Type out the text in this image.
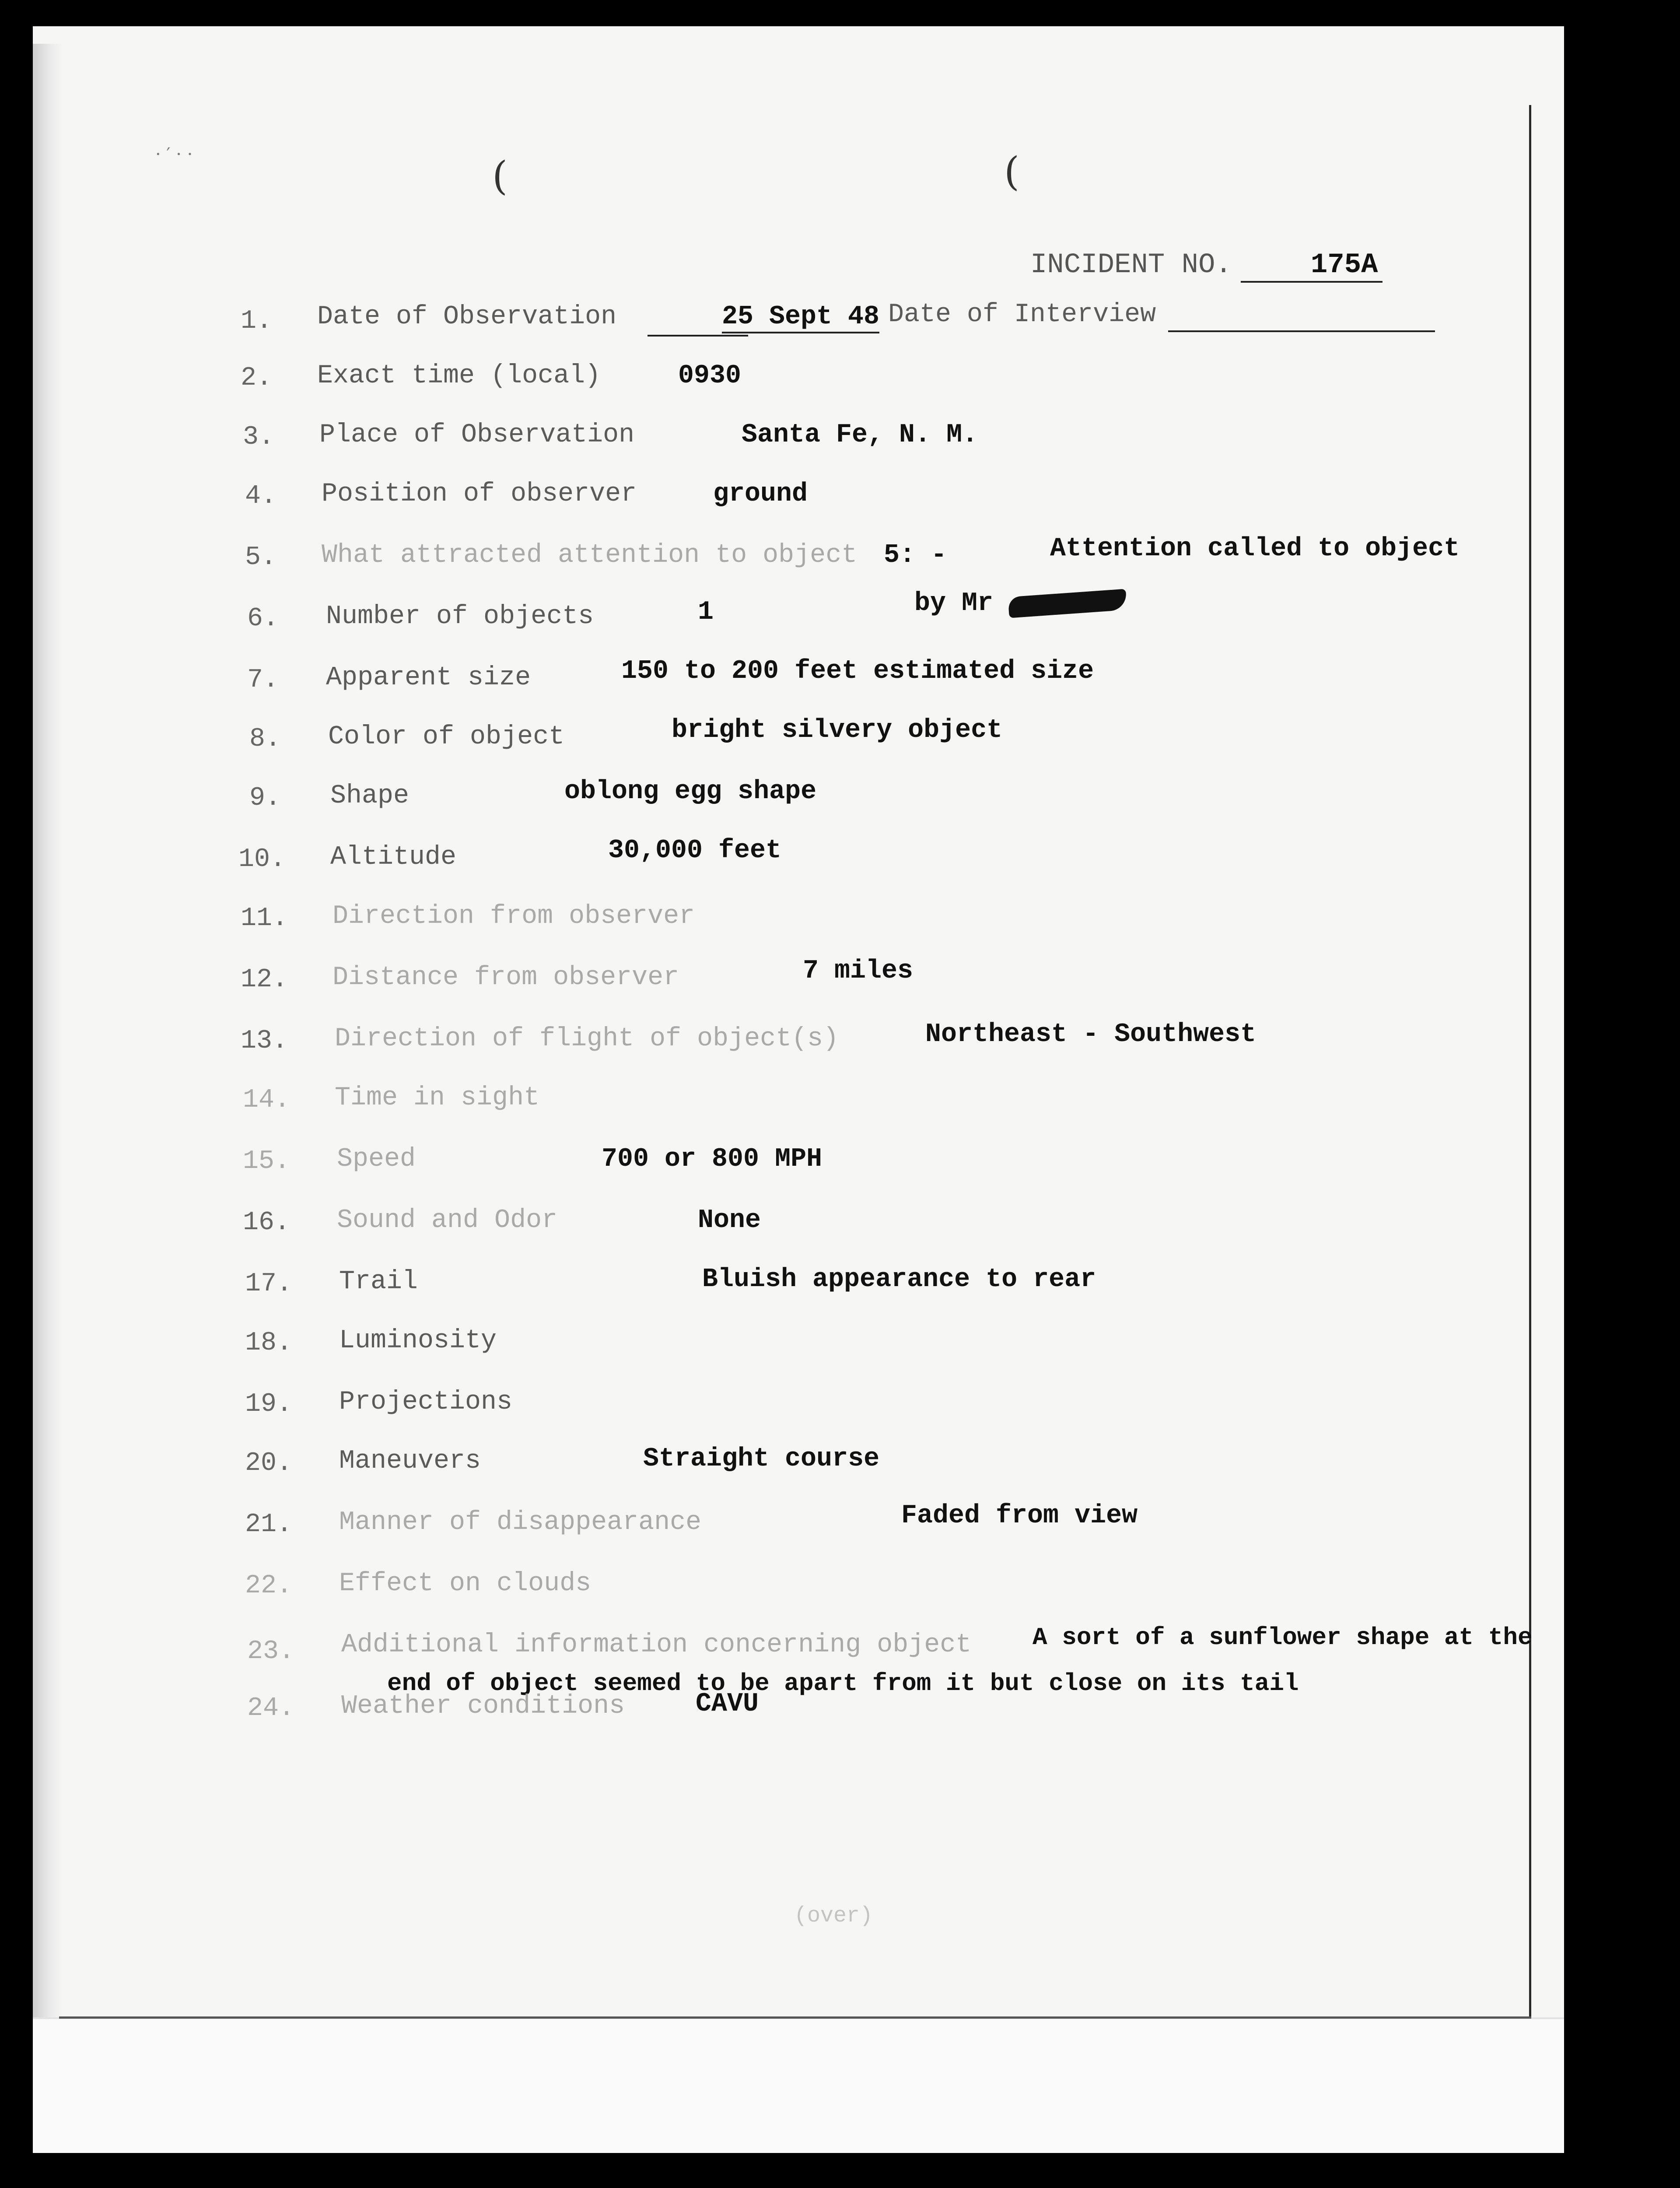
(	(
· ′ · ·
INCIDENT NO.	175A
1. Date of Observation	25 Sept 48 Date of Interview
2. Exact time (local)	0930
3. Place of Observation	Santa Fe, N. M.
4. Position of observer	ground
5. What attracted attention to object 5: -	Attention called to object
by Mr
6. Number of objects	1
7. Apparent size	150 to 200 feet estimated size
8. Color of object	bright silvery object
9. Shape	oblong egg shape
10. Altitude	30,000 feet
11. Direction from observer
12. Distance from observer	7 miles
13. Direction of flight of object(s)	Northeast - Southwest
14. Time in sight
15. Speed	700 or 800 MPH
16. Sound and Odor	None
17. Trail	Bluish appearance to rear
18. Luminosity
19. Projections
20. Maneuvers	Straight course
21. Manner of disappearance	Faded from view
22. Effect on clouds
23. Additional information concerning object A sort of a sunflower shape at the
end of object seemed to be apart from it but close on its tail
24. Weather conditions	CAVU
(over)
